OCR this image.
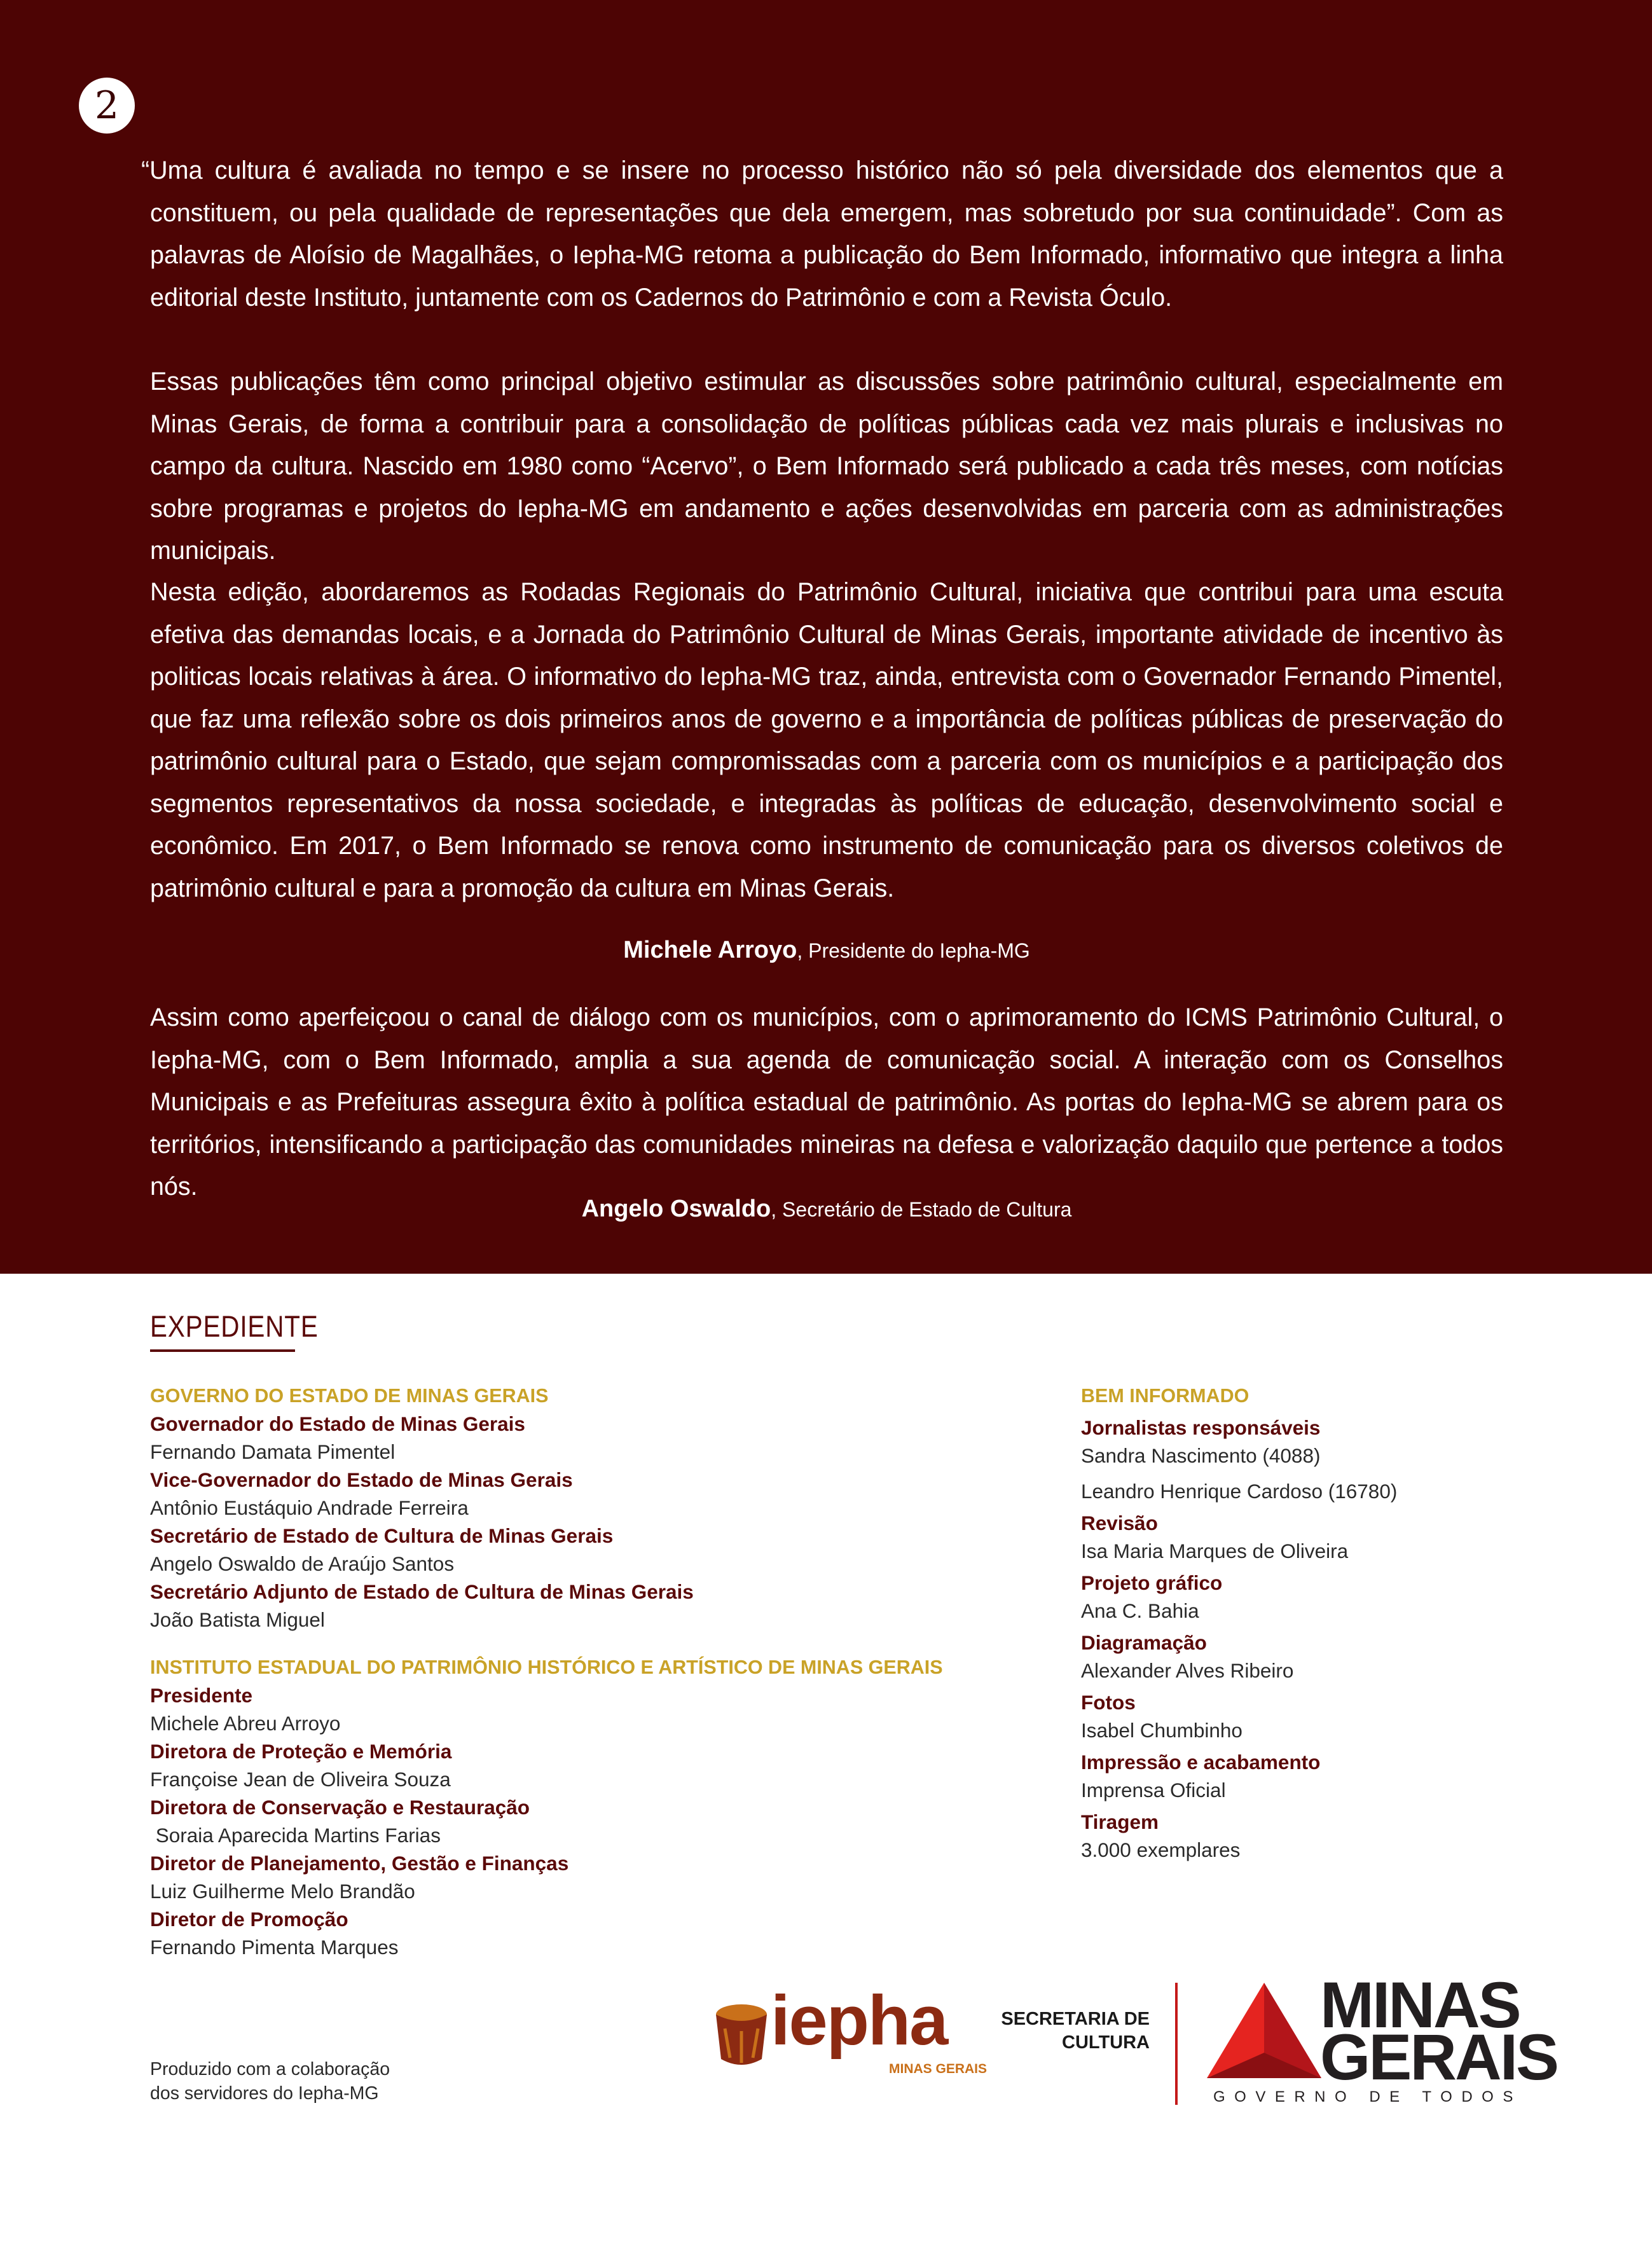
2

“Uma cultura é avaliada no tempo e se insere no processo histórico não só pela diversidade dos elementos que a constituem, ou pela qualidade de representações que dela emergem, mas sobretudo por sua continuidade”. Com as palavras de Aloísio de Magalhães, o Iepha-MG retoma a publicação do Bem Informado, informativo que integra a linha editorial deste Instituto, juntamente com os Cadernos do Patrimônio e com a Revista Óculo.

Essas publicações têm como principal objetivo estimular as discussões sobre patrimônio cultural, especialmente em Minas Gerais, de forma a contribuir para a consolidação de políticas públicas cada vez mais plurais e inclusivas no campo da cultura. Nascido em 1980 como “Acervo”, o Bem Informado será publicado a cada três meses, com notícias sobre programas e projetos do Iepha-MG em andamento e ações desenvolvidas em parceria com as administrações municipais.

Nesta edição, abordaremos as Rodadas Regionais do Patrimônio Cultural, iniciativa que contribui para uma escuta efetiva das demandas locais, e a Jornada do Patrimônio Cultural de Minas Gerais, importante atividade de incentivo às politicas locais relativas à área. O informativo do Iepha-MG traz, ainda, entrevista com o Governador Fernando Pimentel, que faz uma reflexão sobre os dois primeiros anos de governo e a importância de políticas públicas de preservação do patrimônio cultural para o Estado, que sejam compromissadas com a parceria com os municípios e a participação dos segmentos representativos da nossa sociedade, e integradas às políticas de educação, desenvolvimento social e econômico. Em 2017, o Bem Informado se renova como instrumento de comunicação para os diversos coletivos de patrimônio cultural e para a promoção da cultura em Minas Gerais.

Michele Arroyo, Presidente do Iepha-MG

Assim como aperfeiçoou o canal de diálogo com os municípios, com o aprimoramento do ICMS Patrimônio Cultural, o Iepha-MG, com o Bem Informado, amplia a sua agenda de comunicação social. A interação com os Conselhos Municipais e as Prefeituras assegura êxito à política estadual de patrimônio. As portas do Iepha-MG se abrem para os territórios, intensificando a participação das comunidades mineiras na defesa e valorização daquilo que pertence a todos nós.

Angelo Oswaldo, Secretário de Estado de Cultura
EXPEDIENTE
GOVERNO DO ESTADO DE MINAS GERAIS
Governador do Estado de Minas Gerais
Fernando Damata Pimentel
Vice-Governador do Estado de Minas Gerais
Antônio Eustáquio Andrade Ferreira
Secretário de Estado de Cultura de Minas Gerais
Angelo Oswaldo de Araújo Santos
Secretário Adjunto de Estado de Cultura de Minas Gerais
João Batista Miguel
INSTITUTO ESTADUAL DO PATRIMÔNIO HISTÓRICO E ARTÍSTICO DE MINAS GERAIS
Presidente
Michele Abreu Arroyo
Diretora de Proteção e Memória
Françoise Jean de Oliveira Souza
Diretora de Conservação e Restauração
Soraia Aparecida Martins Farias
Diretor de Planejamento, Gestão e Finanças
Luiz Guilherme Melo Brandão
Diretor de Promoção
Fernando Pimenta Marques
BEM INFORMADO
Jornalistas responsáveis
Sandra Nascimento (4088)
Leandro Henrique Cardoso (16780)
Revisão
Isa Maria Marques de Oliveira
Projeto gráfico
Ana C. Bahia
Diagramação
Alexander Alves Ribeiro
Fotos
Isabel Chumbinho
Impressão e acabamento
Imprensa Oficial
Tiragem
3.000 exemplares
Produzido com a colaboração
dos servidores do Iepha-MG
iepha
MINAS GERAIS
SECRETARIA DE
CULTURA
MINAS
GERAIS
GOVERNO DE TODOS
